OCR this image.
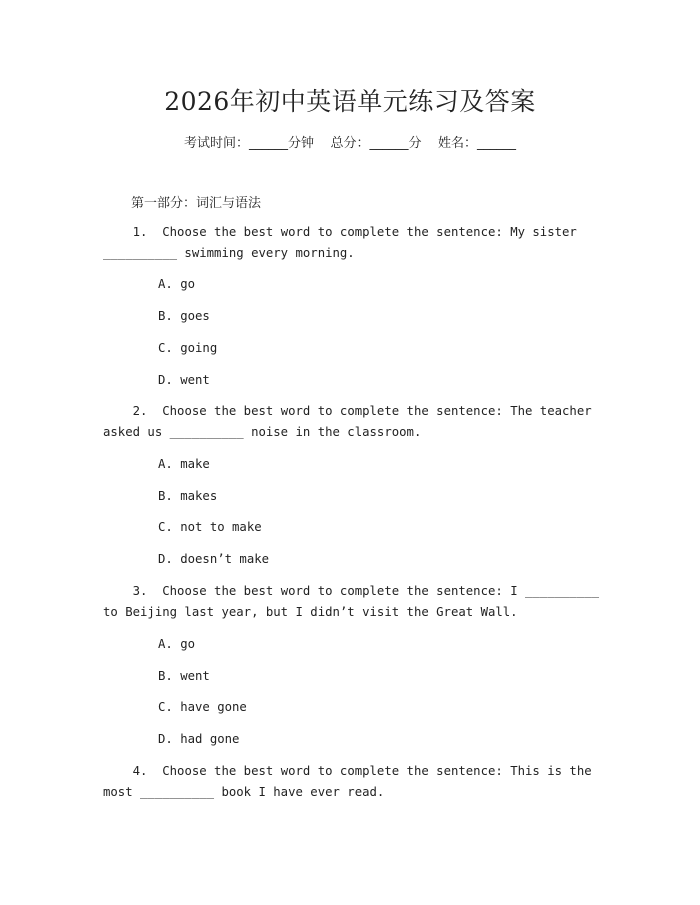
2026年初中英语单元练习及答案
考试时间：______分钟    总分：______分    姓名：______
第一部分：词汇与语法
1.  Choose the best word to complete the sentence: My sister __________ swimming every morning.
A. go
B. goes
C. going
D. went
2.  Choose the best word to complete the sentence: The teacher asked us __________ noise in the classroom.
A. make
B. makes
C. not to make
D. doesn’t make
3.  Choose the best word to complete the sentence: I __________ to Beijing last year, but I didn’t visit the Great Wall.
A. go
B. went
C. have gone
D. had gone
4.  Choose the best word to complete the sentence: This is the most __________ book I have ever read.
